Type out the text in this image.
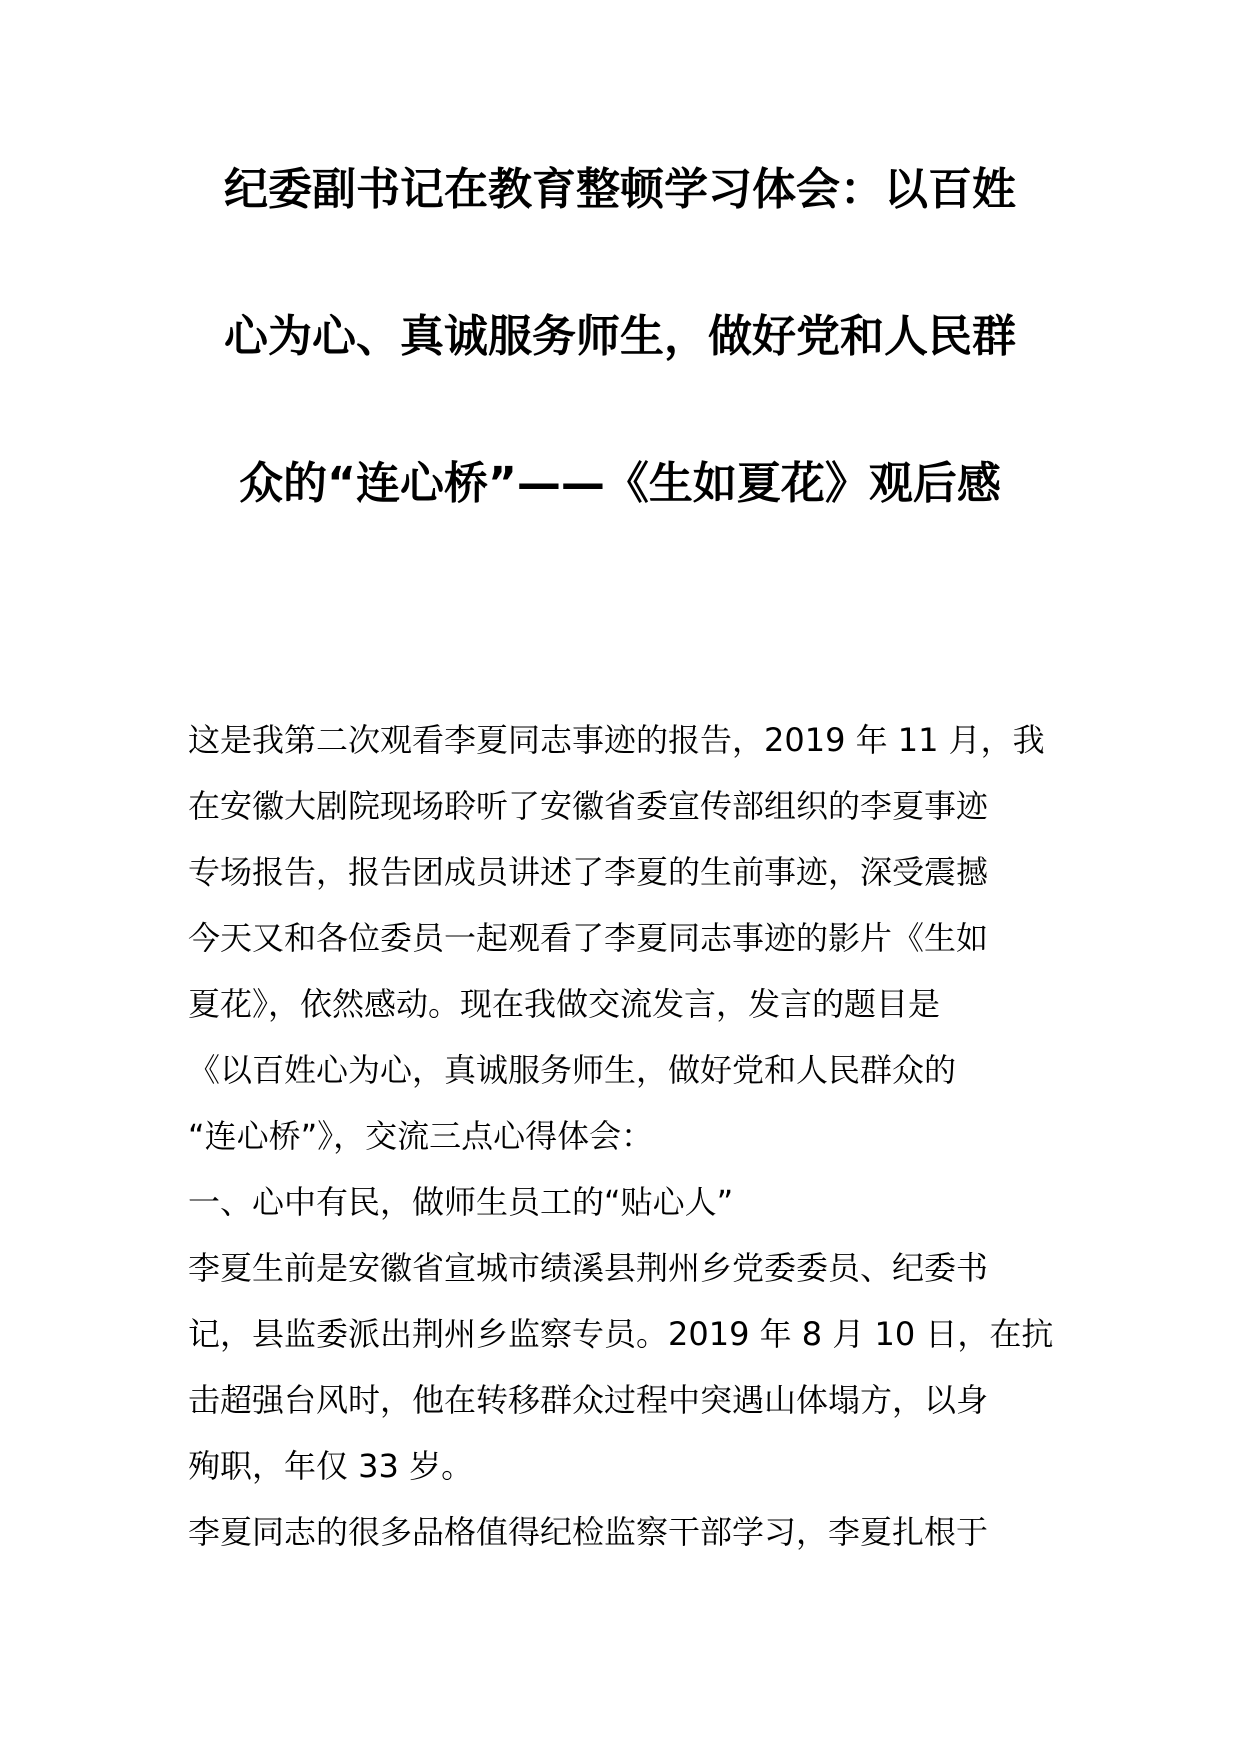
纪委副书记在教育整顿学习体会：以百姓
心为心、真诚服务师生，做好党和人民群
众的“连心桥”——《生如夏花》观后感

这是我第二次观看李夏同志事迹的报告，2019 年 11 月，我

在安徽大剧院现场聆听了安徽省委宣传部组织的李夏事迹

专场报告，报告团成员讲述了李夏的生前事迹，深受震撼

今天又和各位委员一起观看了李夏同志事迹的影片《生如

夏花》，依然感动。现在我做交流发言，发言的题目是

《以百姓心为心，真诚服务师生，做好党和人民群众的

“连心桥”》，交流三点心得体会：

一、心中有民，做师生员工的“贴心人”

李夏生前是安徽省宣城市绩溪县荆州乡党委委员、纪委书

记，县监委派出荆州乡监察专员。2019 年 8 月 10 日，在抗

击超强台风时，他在转移群众过程中突遇山体塌方，以身

殉职，年仅 33 岁。

李夏同志的很多品格值得纪检监察干部学习，李夏扎根于
